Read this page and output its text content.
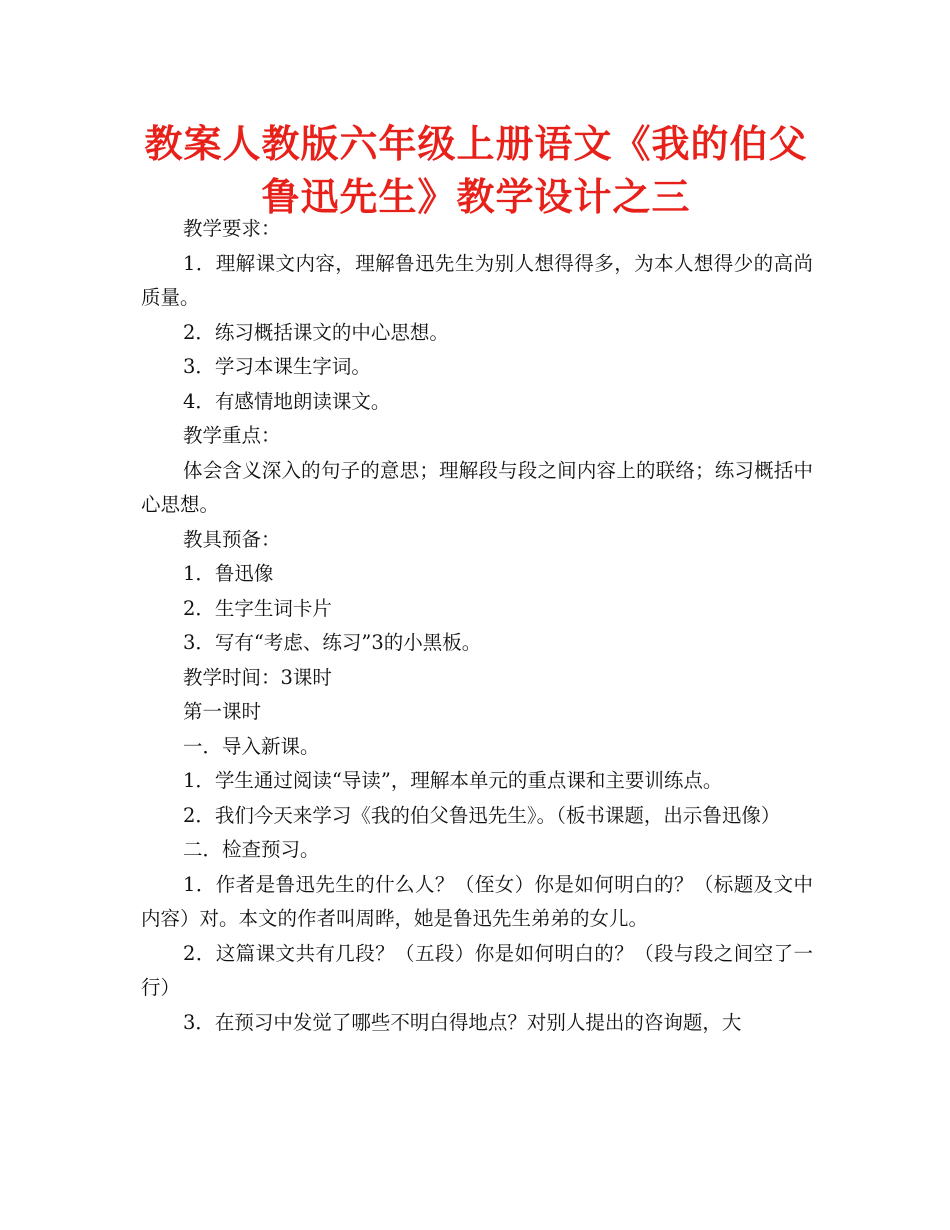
教案人教版六年级上册语文《我的伯父鲁迅先生》教学设计之三

教学要求：

1．理解课文内容，理解鲁迅先生为别人想得得多，为本人想得少的高尚质量。

2．练习概括课文的中心思想。

3．学习本课生字词。

4．有感情地朗读课文。

教学重点：

体会含义深入的句子的意思；理解段与段之间内容上的联络；练习概括中心思想。

教具预备：

1．鲁迅像

2．生字生词卡片

3．写有“考虑、练习”3的小黑板。

教学时间：3课时

第一课时

一．导入新课。

1．学生通过阅读“导读”，理解本单元的重点课和主要训练点。

2．我们今天来学习《我的伯父鲁迅先生》。（板书课题，出示鲁迅像）

二．检查预习。

1．作者是鲁迅先生的什么人？（侄女）你是如何明白的？（标题及文中内容）对。本文的作者叫周晔，她是鲁迅先生弟弟的女儿。

2．这篇课文共有几段？（五段）你是如何明白的？（段与段之间空了一行）

3．在预习中发觉了哪些不明白得地点？对别人提出的咨询题，大
